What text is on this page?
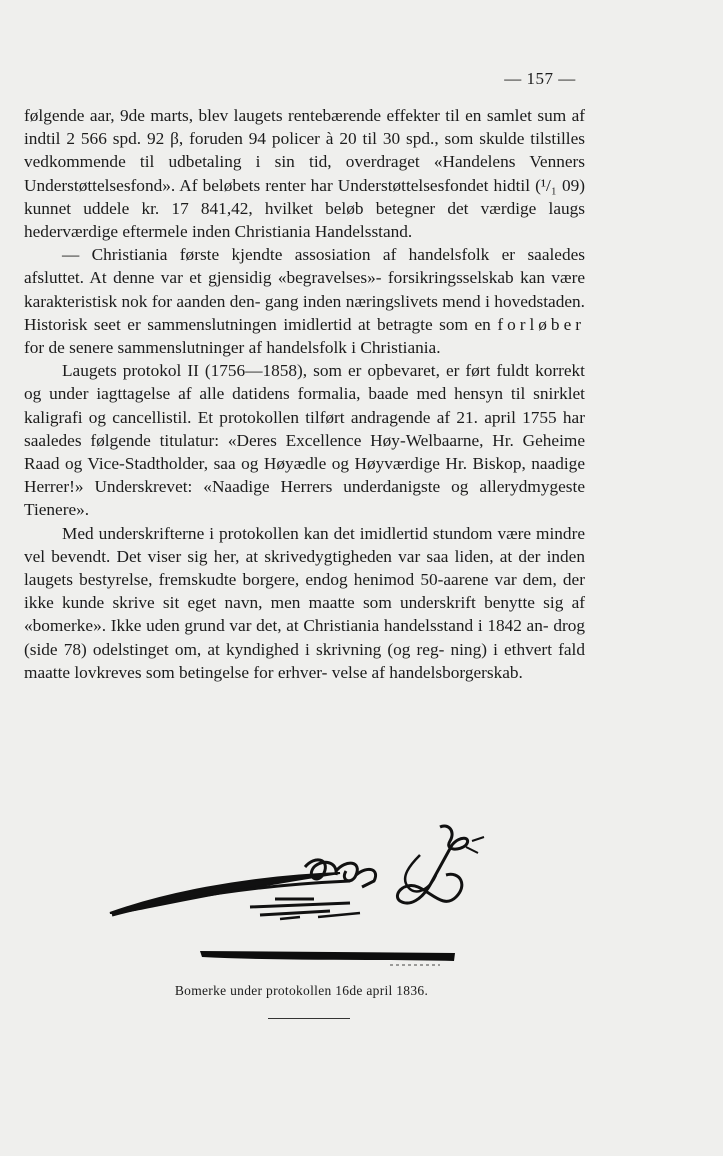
— 157 —

følgende aar, 9de marts, blev laugets rentebærende effekter til en samlet sum af indtil 2 566 spd. 92 β, foruden 94 policer à 20 til 30 spd., som skulde tilstilles vedkommende til udbetaling i sin tid, overdraget «Handelens Venners Understøttelsesfond». Af beløbets renter har Understøttelsesfondet hidtil (¹/₁ 09) kunnet uddele kr. 17 841,42, hvilket beløb betegner det værdige laugs hederværdige eftermele inden Christiania Handelsstand.

— Christiania første kjendte assosiation af handelsfolk er saaledes afsluttet. At denne var et gjensidig «begravelses»- forsikringsselskab kan være karakteristisk nok for aanden den- gang inden næringslivets mend i hovedstaden. Historisk seet er sammenslutningen imidlertid at betragte som en forløber for de senere sammenslutninger af handelsfolk i Christiania.

Laugets protokol II (1756—1858), som er opbevaret, er ført fuldt korrekt og under iagttagelse af alle datidens formalia, baade med hensyn til snirklet kaligrafi og cancellistil. Et protokollen tilført andragende af 21. april 1755 har saaledes følgende titulatur: «Deres Excellence Høy-Welbaarne, Hr. Geheime Raad og Vice-Stadtholder, saa og Høyædle og Høyværdige Hr. Biskop, naadige Herrer!» Underskrevet: «Naadige Herrers underdanigste og allerydmygeste Tienere».

Med underskrifterne i protokollen kan det imidlertid stundom være mindre vel bevendt. Det viser sig her, at skrivedygtigheden var saa liden, at der inden laugets bestyrelse, fremskudte borgere, endog henimod 50-aarene var dem, der ikke kunde skrive sit eget navn, men maatte som underskrift benytte sig af «bomerke». Ikke uden grund var det, at Christiania handelsstand i 1842 an- drog (side 78) odelstinget om, at kyndighed i skrivning (og reg- ning) i ethvert fald maatte lovkreves som betingelse for erhver- velse af handelsborgerskab.

Bomerke under protokollen 16de april 1836.
